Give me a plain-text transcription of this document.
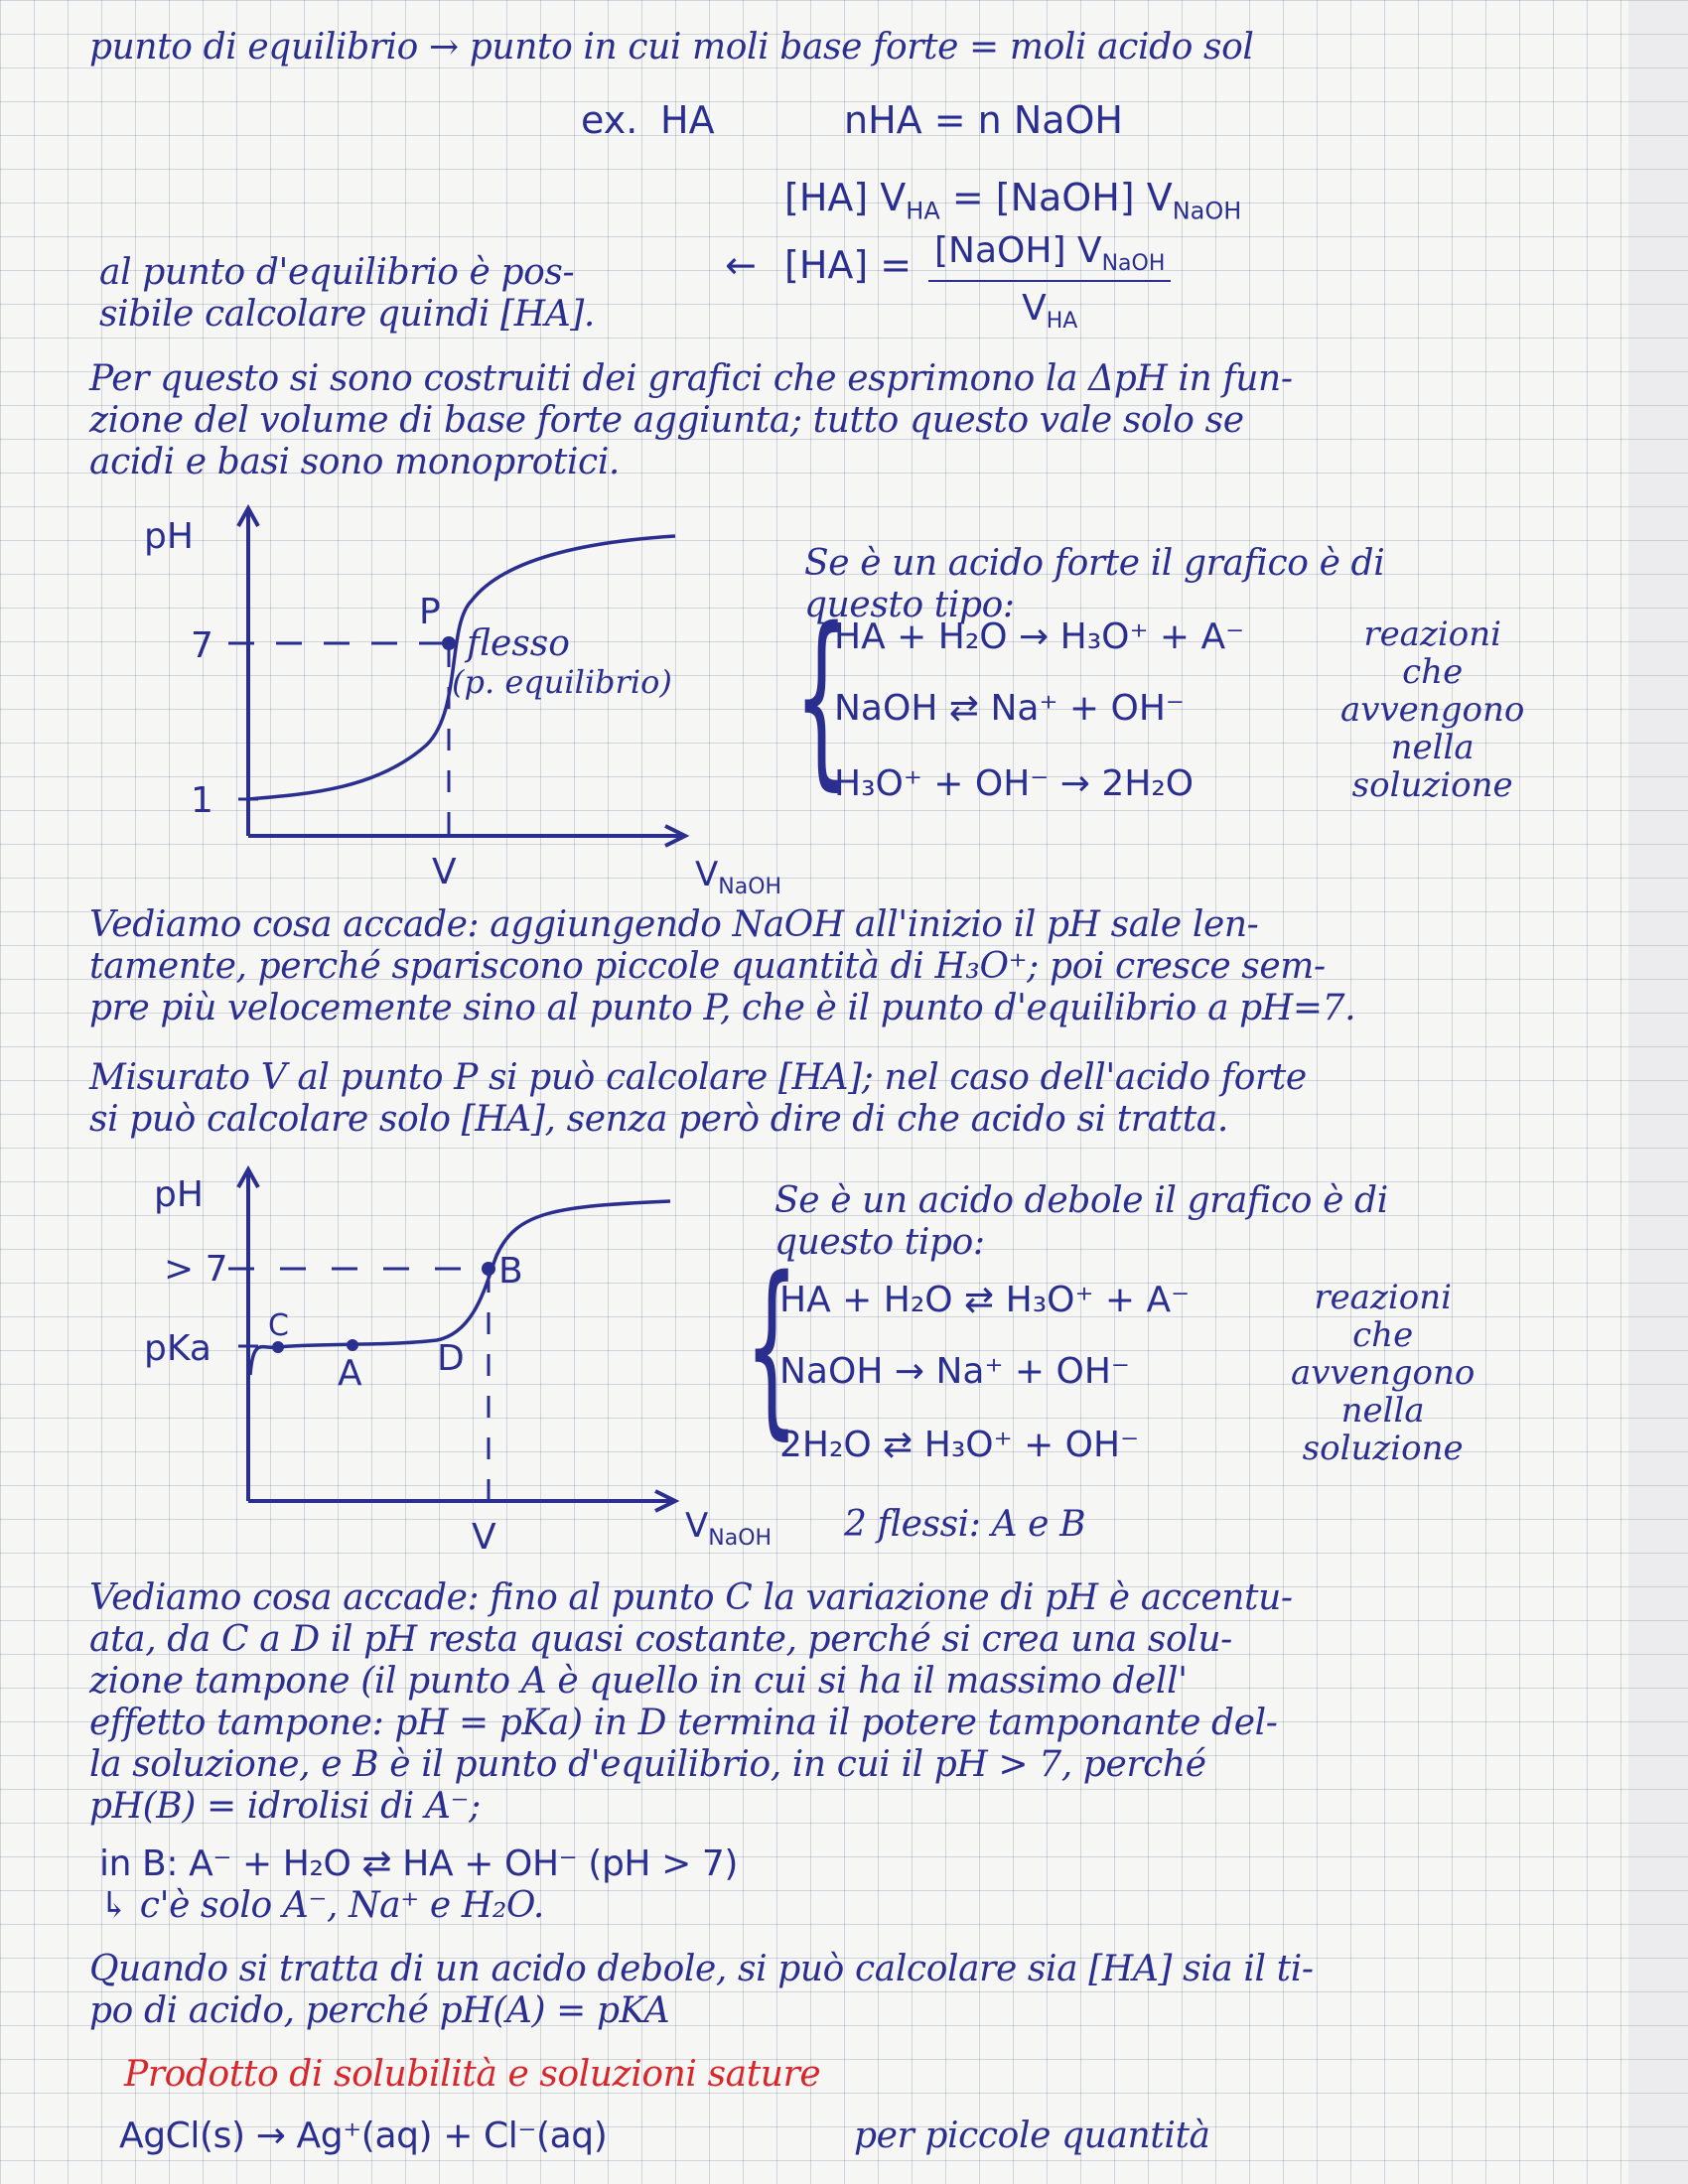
punto di equilibrio → punto in cui moli base forte = moli acido sol
ex. HA	nHA = n NaOH
[HA] $V_{HA}$ = [NaOH] $V_{NaOH}$
al punto d'equilibrio è pos-
sibile calcolare quindi [HA].
← [HA] = [NaOH] $V_{NaOH}$
$V_{HA}$
Per questo si sono costruiti dei grafici che esprimono la ΔpH in fun-
zione del volume di base forte aggiunta; tutto questo vale solo se
acidi e basi sono monoprotici.
pH
7
1
V
P
flesso
(p. equilibrio)
$V_{NaOH}$
Se è un acido forte il grafico è di
questo tipo:
{
HA + H₂O → H₃O⁺ + A⁻
NaOH ⇄ Na⁺ + OH⁻
H₃O⁺ + OH⁻ → 2H₂O
reazioni
che
avvengono
nella
soluzione
Vediamo cosa accade: aggiungendo NaOH all'inizio il pH sale len-
tamente, perché spariscono piccole quantità di H₃O⁺; poi cresce sem-
pre più velocemente sino al punto P, che è il punto d'equilibrio a pH=7.
Misurato V al punto P si può calcolare [HA]; nel caso dell'acido forte
si può calcolare solo [HA], senza però dire di che acido si tratta.
pH
> 7
pKa
V
C
A D
B
$V_{NaOH}$ 2 flessi: A e B
Se è un acido debole il grafico è di
questo tipo:
{
HA + H₂O ⇄ H₃O⁺ + A⁻
NaOH → Na⁺ + OH⁻
2H₂O ⇄ H₃O⁺ + OH⁻
reazioni
che
avvengono
nella
soluzione
Vediamo cosa accade: fino al punto C la variazione di pH è accentu-
ata, da C a D il pH resta quasi costante, perché si crea una solu-
zione tampone (il punto A è quello in cui si ha il massimo dell'
effetto tampone: pH = pKa) in D termina il potere tamponante del-
la soluzione, e B è il punto d'equilibrio, in cui il pH > 7, perché
pH(B) = idrolisi di A⁻;
in B: A⁻ + H₂O ⇄ HA + OH⁻ (pH > 7)
↳ c'è solo A⁻, Na⁺ e H₂O.
Quando si tratta di un acido debole, si può calcolare sia [HA] sia il ti-
po di acido, perché pH(A) = pKA
Prodotto di solubilità e soluzioni sature
AgCl(s) → Ag⁺(aq) + Cl⁻(aq)	per piccole quantità
